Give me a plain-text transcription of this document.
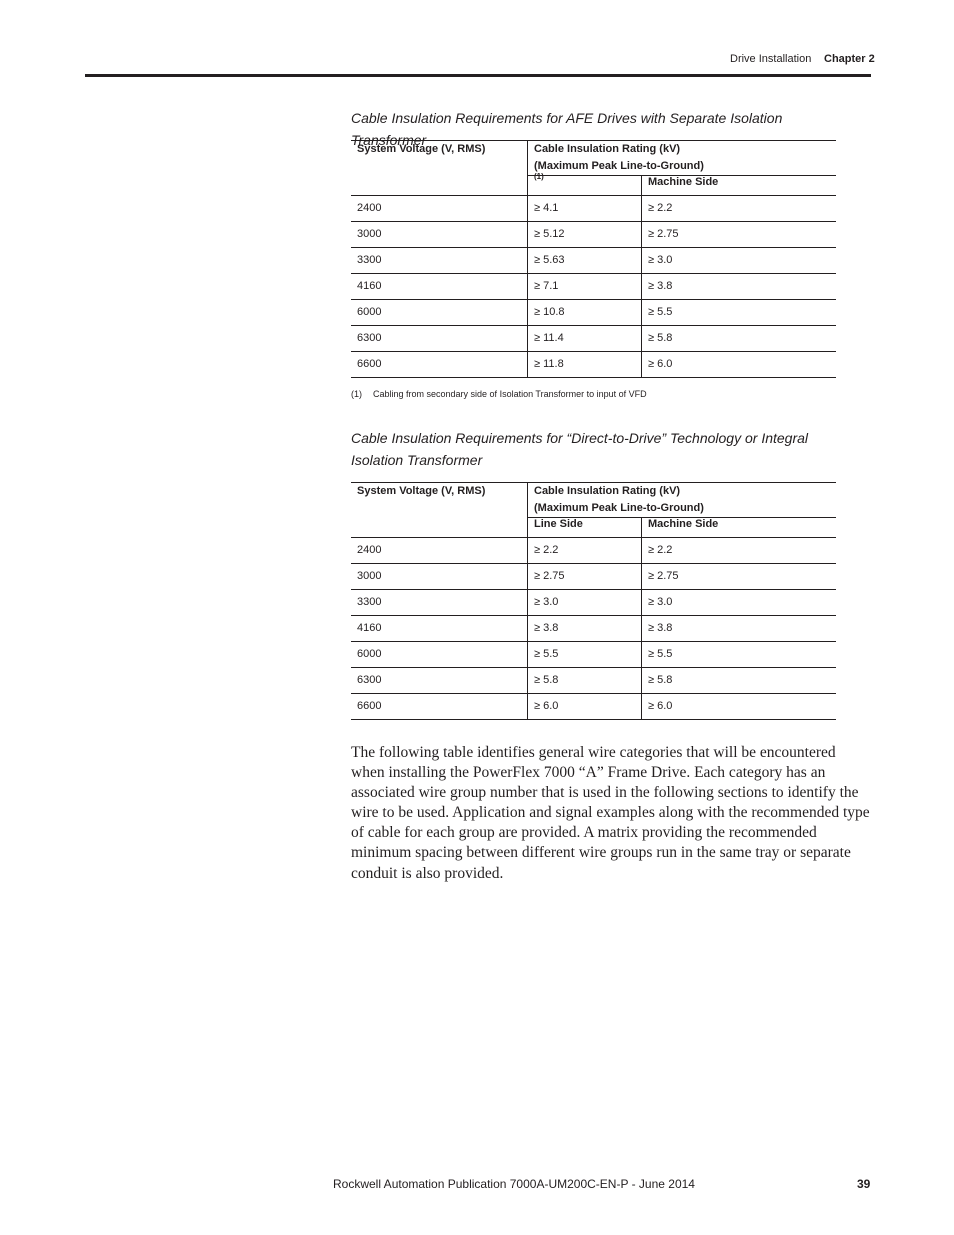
Drive Installation Chapter 2
Cable Insulation Requirements for AFE Drives with Separate Isolation Transformer
System Voltage (V, RMS)	Cable Insulation Rating (kV)
(Maximum Peak Line-to-Ground)	
	$^{(1)}$	Machine Side
2400	≥ 4.1	≥ 2.2
3000	≥ 5.12	≥ 2.75
3300	≥ 5.63	≥ 3.0
4160	≥ 7.1	≥ 3.8
6000	≥ 10.8	≥ 5.5
6300	≥ 11.4	≥ 5.8
6600	≥ 11.8	≥ 6.0
(1) Cabling from secondary side of Isolation Transformer to input of VFD
Cable Insulation Requirements for “Direct-to-Drive” Technology or Integral Isolation Transformer
System Voltage (V, RMS)	Cable Insulation Rating (kV)
(Maximum Peak Line-to-Ground)	
	Line Side	Machine Side
2400	≥ 2.2	≥ 2.2
3000	≥ 2.75	≥ 2.75
3300	≥ 3.0	≥ 3.0
4160	≥ 3.8	≥ 3.8
6000	≥ 5.5	≥ 5.5
6300	≥ 5.8	≥ 5.8
6600	≥ 6.0	≥ 6.0
The following table identifies general wire categories that will be encountered when installing the PowerFlex 7000 “A” Frame Drive. Each category has an associated wire group number that is used in the following sections to identify the wire to be used. Application and signal examples along with the recommended type of cable for each group are provided. A matrix providing the recommended minimum spacing between different wire groups run in the same tray or separate conduit is also provided.
Rockwell Automation Publication 7000A-UM200C-EN-P - June 2014	39
